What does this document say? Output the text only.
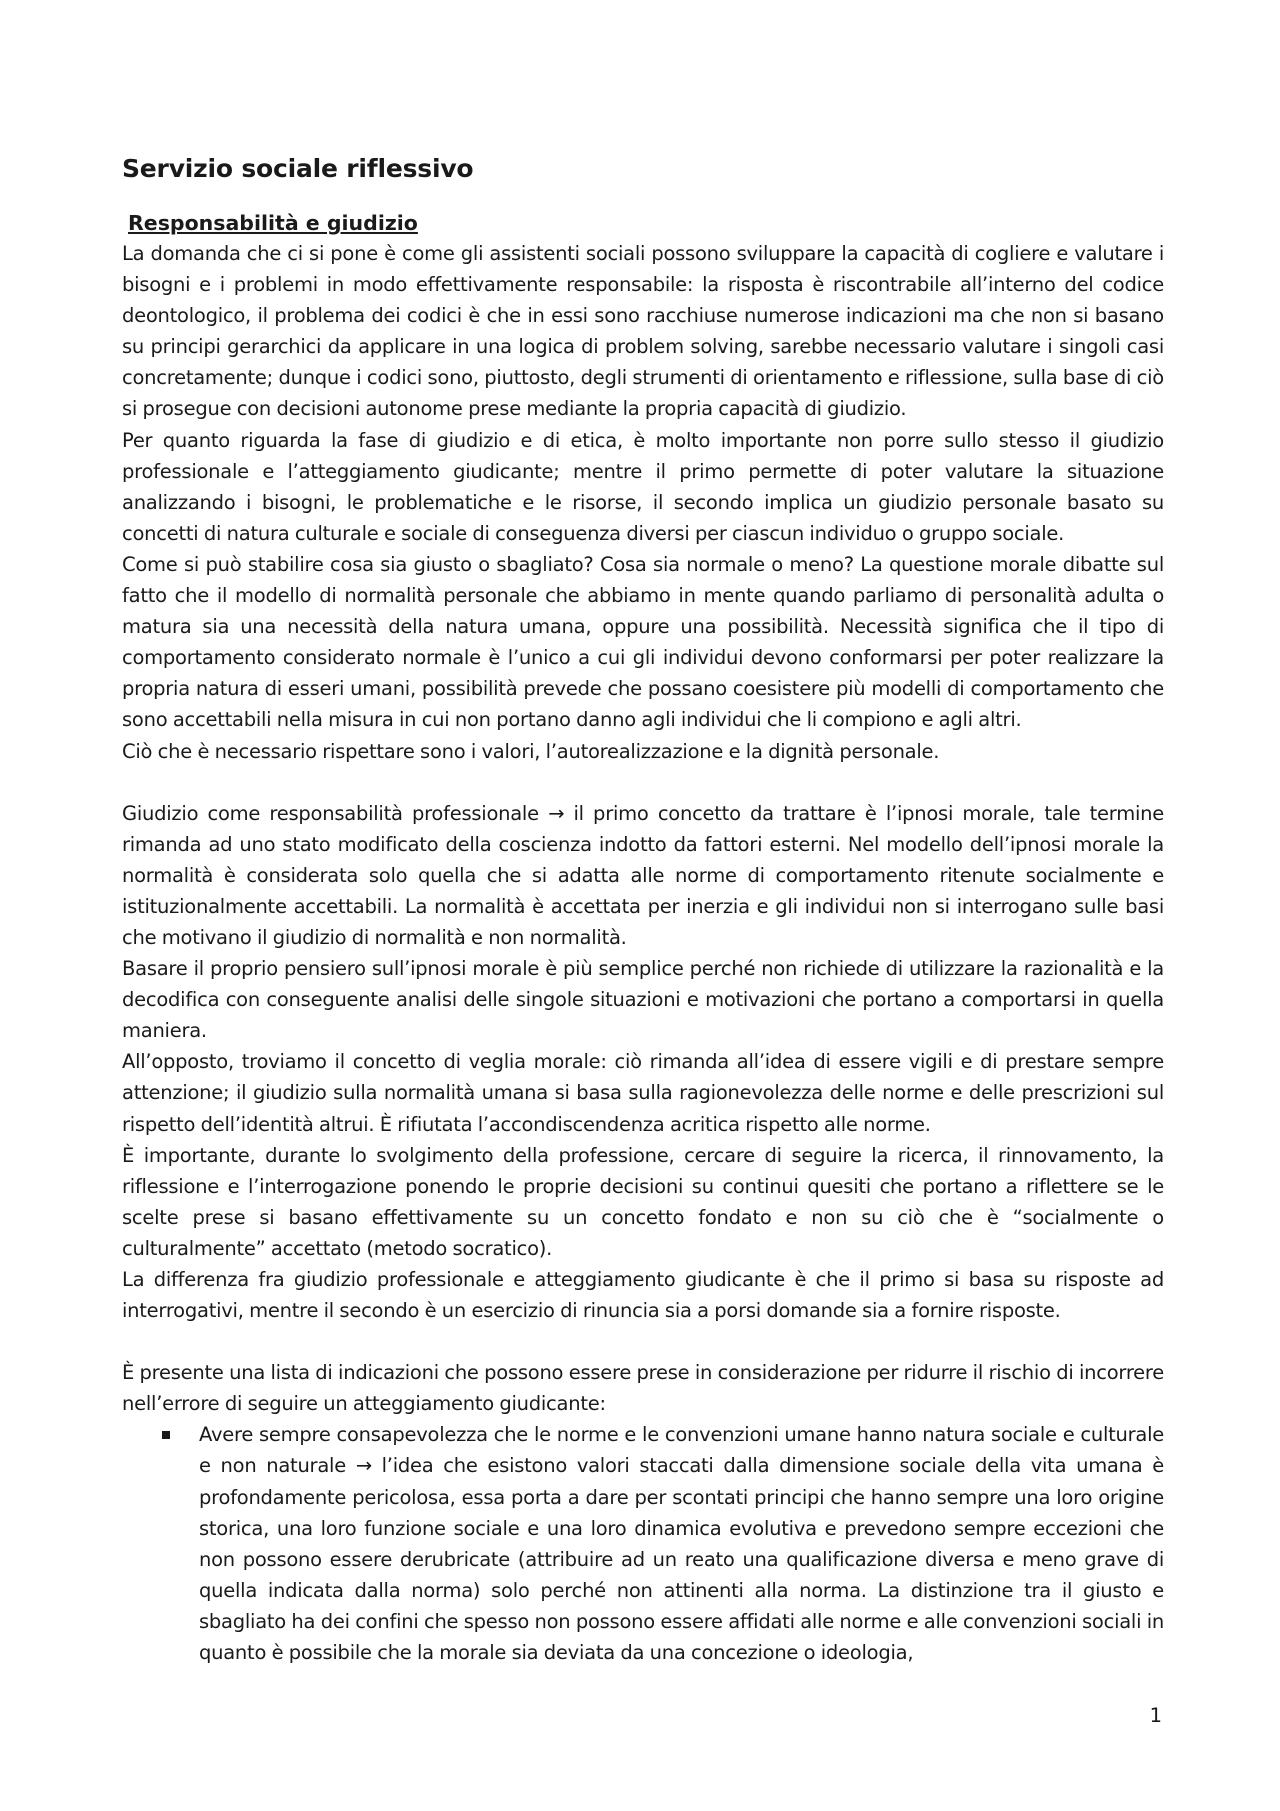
Servizio sociale riflessivo
Responsabilità e giudizio

La domanda che ci si pone è come gli assistenti sociali possono sviluppare la capacità di cogliere e valutare i bisogni e i problemi in modo effettivamente responsabile: la risposta è riscontrabile all’interno del codice deontologico, il problema dei codici è che in essi sono racchiuse numerose indicazioni ma che non si basano su principi gerarchici da applicare in una logica di problem solving, sarebbe necessario valutare i singoli casi concretamente; dunque i codici sono, piuttosto, degli strumenti di orientamento e riflessione, sulla base di ciò si prosegue con decisioni autonome prese mediante la propria capacità di giudizio.

Per quanto riguarda la fase di giudizio e di etica, è molto importante non porre sullo stesso il giudizio professionale e l’atteggiamento giudicante; mentre il primo permette di poter valutare la situazione analizzando i bisogni, le problematiche e le risorse, il secondo implica un giudizio personale basato su concetti di natura culturale e sociale di conseguenza diversi per ciascun individuo o gruppo sociale.

Come si può stabilire cosa sia giusto o sbagliato? Cosa sia normale o meno? La questione morale dibatte sul fatto che il modello di normalità personale che abbiamo in mente quando parliamo di personalità adulta o matura sia una necessità della natura umana, oppure una possibilità. Necessità significa che il tipo di comportamento considerato normale è l’unico a cui gli individui devono conformarsi per poter realizzare la propria natura di esseri umani, possibilità prevede che possano coesistere più modelli di comportamento che sono accettabili nella misura in cui non portano danno agli individui che li compiono e agli altri.

Ciò che è necessario rispettare sono i valori, l’autorealizzazione e la dignità personale.

Giudizio come responsabilità professionale → il primo concetto da trattare è l’ipnosi morale, tale termine rimanda ad uno stato modificato della coscienza indotto da fattori esterni. Nel modello dell’ipnosi morale la normalità è considerata solo quella che si adatta alle norme di comportamento ritenute socialmente e istituzionalmente accettabili. La normalità è accettata per inerzia e gli individui non si interrogano sulle basi che motivano il giudizio di normalità e non normalità.

Basare il proprio pensiero sull’ipnosi morale è più semplice perché non richiede di utilizzare la razionalità e la decodifica con conseguente analisi delle singole situazioni e motivazioni che portano a comportarsi in quella maniera.

All’opposto, troviamo il concetto di veglia morale: ciò rimanda all’idea di essere vigili e di prestare sempre attenzione; il giudizio sulla normalità umana si basa sulla ragionevolezza delle norme e delle prescrizioni sul rispetto dell’identità altrui. È rifiutata l’accondiscendenza acritica rispetto alle norme.

È importante, durante lo svolgimento della professione, cercare di seguire la ricerca, il rinnovamento, la riflessione e l’interrogazione ponendo le proprie decisioni su continui quesiti che portano a riflettere se le scelte prese si basano effettivamente su un concetto fondato e non su ciò che è “socialmente o culturalmente” accettato (metodo socratico).

La differenza fra giudizio professionale e atteggiamento giudicante è che il primo si basa su risposte ad interrogativi, mentre il secondo è un esercizio di rinuncia sia a porsi domande sia a fornire risposte.

È presente una lista di indicazioni che possono essere prese in considerazione per ridurre il rischio di incorrere nell’errore di seguire un atteggiamento giudicante:

Avere sempre consapevolezza che le norme e le convenzioni umane hanno natura sociale e culturale e non naturale → l’idea che esistono valori staccati dalla dimensione sociale della vita umana è profondamente pericolosa, essa porta a dare per scontati principi che hanno sempre una loro origine storica, una loro funzione sociale e una loro dinamica evolutiva e prevedono sempre eccezioni che non possono essere derubricate (attribuire ad un reato una qualificazione diversa e meno grave di quella indicata dalla norma) solo perché non attinenti alla norma. La distinzione tra il giusto e sbagliato ha dei confini che spesso non possono essere affidati alle norme e alle convenzioni sociali in quanto è possibile che la morale sia deviata da una concezione o ideologia,
1
